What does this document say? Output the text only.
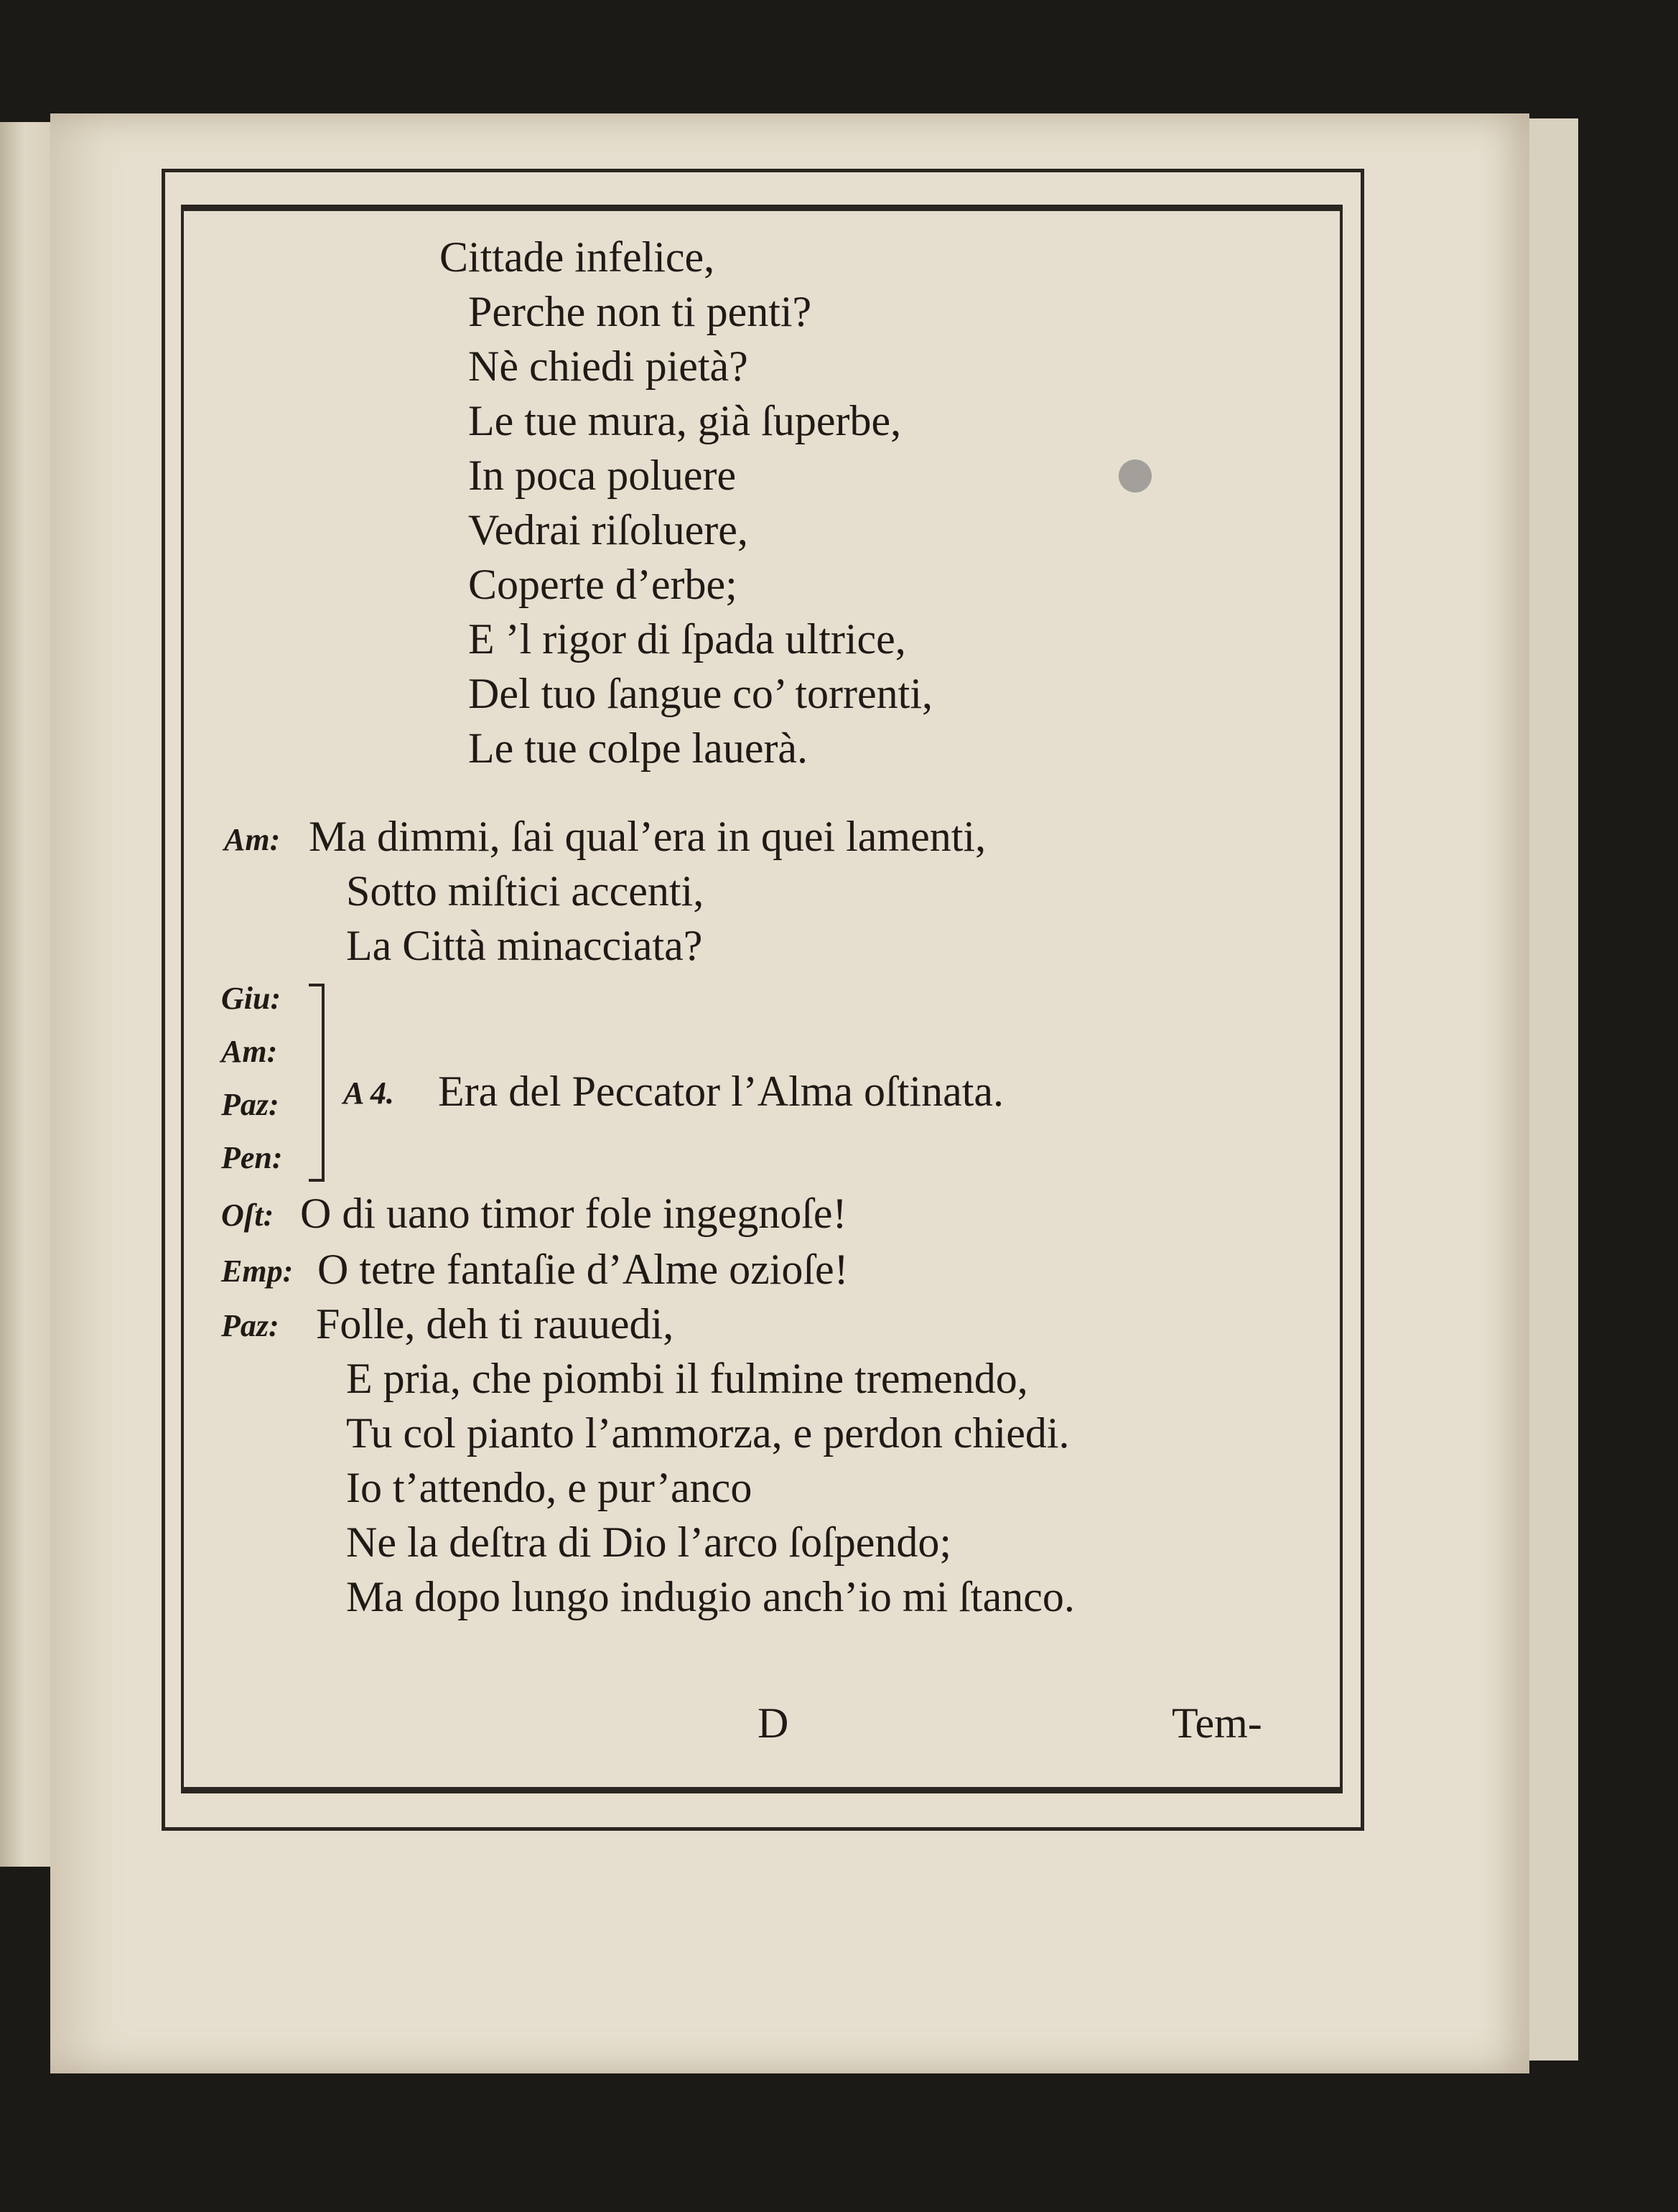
Cittade infelice,

Perche non ti penti?

Nè chiedi pietà?

Le tue mura, già ſuperbe,

In poca poluere

Vedrai riſoluere,

Coperte d’erbe;

E ’l rigor di ſpada ultrice,

Del tuo ſangue co’ torrenti,

Le tue colpe lauerà.

Am: Ma dimmi, ſai qual’era in quei lamenti,

Sotto miſtici accenti,

La Città minacciata?

Giu:

Am:

Paz:

Pen:

A 4. Era del Peccator l’Alma oſtinata.

Oſt: O di uano timor fole ingegnoſe!

Emp: O tetre fantaſie d’Alme ozioſe!

Paz: Folle, deh ti rauuedi,

E pria, che piombi il fulmine tremendo,

Tu col pianto l’ammorza, e perdon chiedi.

Io t’attendo, e pur’anco

Ne la deſtra di Dio l’arco ſoſpendo;

Ma dopo lungo indugio anch’io mi ſtanco.

D	Tem-
